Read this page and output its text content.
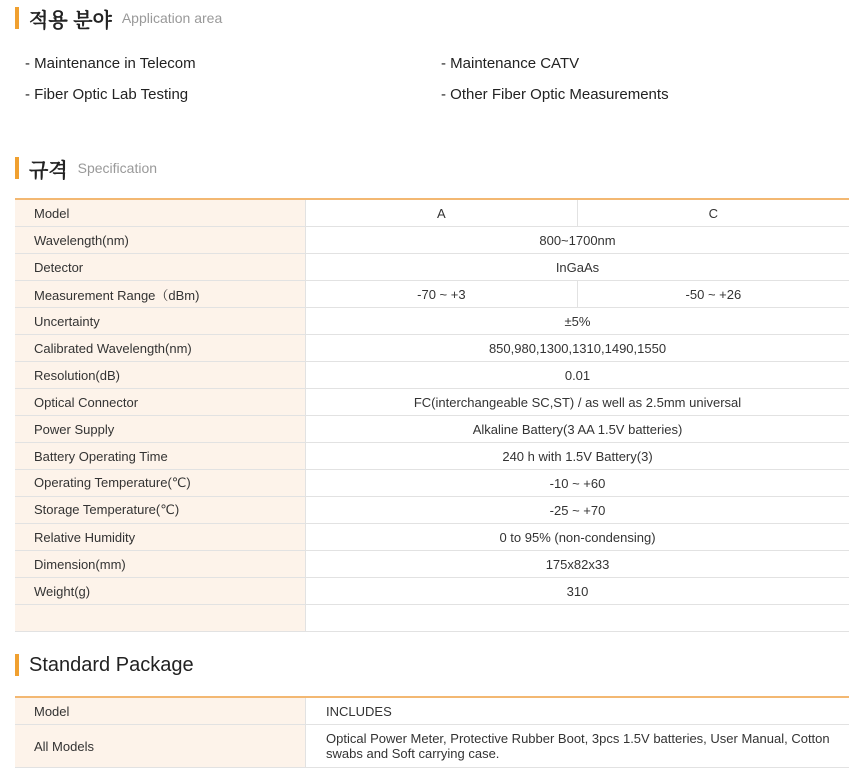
적용 분야 Application area
- Maintenance in Telecom	- Maintenance CATV
- Fiber Optic Lab Testing	- Other Fiber Optic Measurements
규격 Specification
Model	A	C
Wavelength(nm)	800~1700nm	
Detector	InGaAs	
Measurement Range（dBm)	-70 ~ +3	-50 ~ +26
Uncertainty	±5%	
Calibrated Wavelength(nm)	850,980,1300,1310,1490,1550	
Resolution(dB)	0.01	
Optical Connector	FC(interchangeable SC,ST) / as well as 2.5mm universal	
Power Supply	Alkaline Battery(3 AA 1.5V batteries)	
Battery Operating Time	240 h with 1.5V Battery(3)	
Operating Temperature(℃)	-10 ~ +60	
Storage Temperature(℃)	-25 ~ +70	
Relative Humidity	0 to 95% (non-condensing)	
Dimension(mm)	175x82x33	
Weight(g)	310	

Standard Package
Model	INCLUDES
All Models	Optical Power Meter, Protective Rubber Boot, 3pcs 1.5V batteries, User Manual, Cotton swabs and Soft carrying case.
